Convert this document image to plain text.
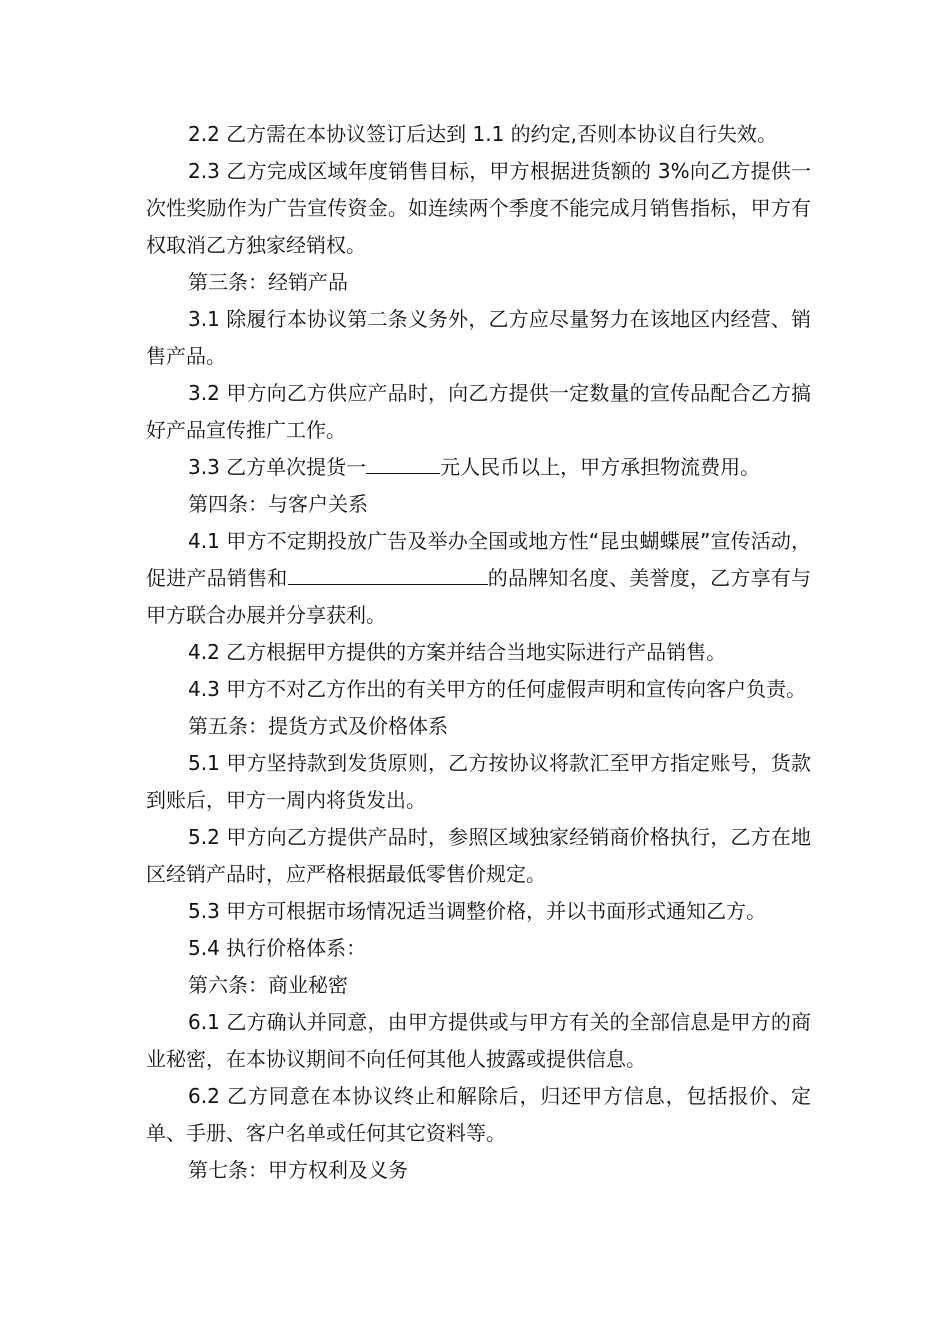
2.2 乙方需在本协议签订后达到 1.1 的约定,否则本协议自行失效。

2.3 乙方完成区域年度销售目标，甲方根据进货额的 3%向乙方提供一次性奖励作为广告宣传资金。如连续两个季度不能完成月销售指标，甲方有权取消乙方独家经销权。

第三条：经销产品

3.1 除履行本协议第二条义务外，乙方应尽量努力在该地区内经营、销售产品。

3.2 甲方向乙方供应产品时，向乙方提供一定数量的宣传品配合乙方搞好产品宣传推广工作。

3.3 乙方单次提货一	元人民币以上，甲方承担物流费用。

第四条：与客户关系

4.1 甲方不定期投放广告及举办全国或地方性“昆虫蝴蝶展”宣传活动，促进产品销售和	的品牌知名度、美誉度，乙方享有与甲方联合办展并分享获利。

4.2 乙方根据甲方提供的方案并结合当地实际进行产品销售。

4.3 甲方不对乙方作出的有关甲方的任何虚假声明和宣传向客户负责。

第五条：提货方式及价格体系

5.1 甲方坚持款到发货原则，乙方按协议将款汇至甲方指定账号，货款到账后，甲方一周内将货发出。

5.2 甲方向乙方提供产品时，参照区域独家经销商价格执行，乙方在地区经销产品时，应严格根据最低零售价规定。

5.3 甲方可根据市场情况适当调整价格，并以书面形式通知乙方。

5.4 执行价格体系：

第六条：商业秘密

6.1 乙方确认并同意，由甲方提供或与甲方有关的全部信息是甲方的商业秘密，在本协议期间不向任何其他人披露或提供信息。

6.2 乙方同意在本协议终止和解除后，归还甲方信息，包括报价、定单、手册、客户名单或任何其它资料等。

第七条：甲方权利及义务
